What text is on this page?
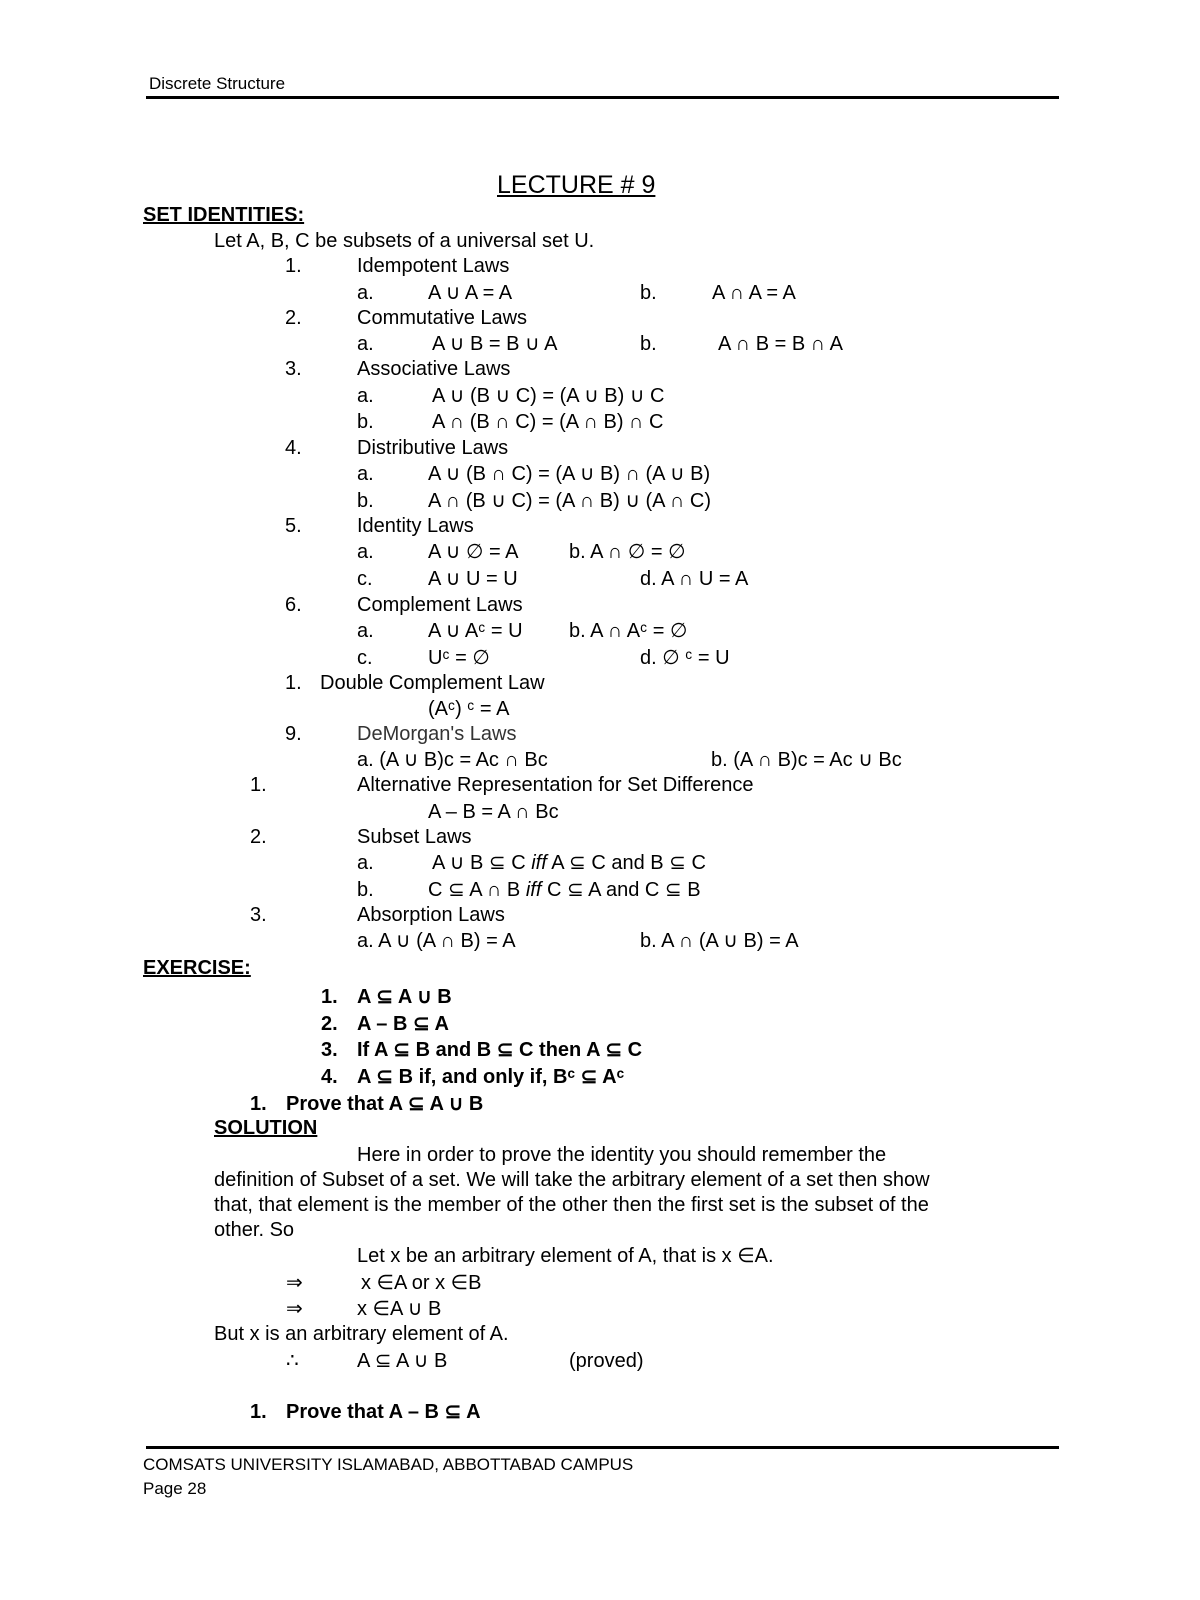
Discrete Structure
LECTURE # 9
SET IDENTITIES:
Let A, B, C be subsets of a universal set U.
1.	Idempotent Laws
a.	A ∪ A = A	b.	A ∩ A = A
2.	Commutative Laws
a.	A ∪ B = B ∪ A	b.	A ∩ B = B ∩ A
3.	Associative Laws
a.	A ∪ (B ∪ C) = (A ∪ B) ∪ C
b.	A ∩ (B ∩ C) = (A ∩ B) ∩ C
4.	Distributive Laws
a.	A ∪ (B ∩ C) = (A ∪ B) ∩ (A ∪ B)
b.	A ∩ (B ∪ C) = (A ∩ B) ∪ (A ∩ C)
5.	Identity Laws
a.	A ∪ ∅ = A	b. A ∩ ∅ = ∅
c.	A ∪ U = U	d. A ∩ U = A
6.	Complement Laws
a.	A ∪ Aᶜ = U b. A ∩ Aᶜ = ∅
c.	Uᶜ = ∅	d. ∅ ᶜ = U
1. Double Complement Law
(Aᶜ) ᶜ = A
9.	DeMorgan's Laws
a. (A ∪ B)c = Ac ∩ Bc	b. (A ∩ B)c = Ac ∪ Bc
1.	Alternative Representation for Set Difference
A – B = A ∩ Bc
2.	Subset Laws
a.	A ∪ B ⊆ C iff A ⊆ C and B ⊆ C
b.	C ⊆ A ∩ B iff C ⊆ A and C ⊆ B
3.	Absorption Laws
a. A ∪ (A ∩ B) = A	b. A ∩ (A ∪ B) = A
EXERCISE:
1. A ⊆ A ∪ B
2. A – B ⊆ A
3. If A ⊆ B and B ⊆ C then A ⊆ C
4. A ⊆ B if, and only if, Bᶜ ⊆ Aᶜ
1. Prove that A ⊆ A ∪ B
SOLUTION
Here in order to prove the identity you should remember the
definition of Subset of a set. We will take the arbitrary element of a set then show
that, that element is the member of the other then the first set is the subset of the
other. So
Let x be an arbitrary element of A, that is x ∈A.
⇒	x ∈A or x ∈B
⇒	x ∈A ∪ B
But x is an arbitrary element of A.
∴	A ⊆ A ∪ B	(proved)
1. Prove that A – B ⊆ A
COMSATS UNIVERSITY ISLAMABAD, ABBOTTABAD CAMPUS
Page 28
